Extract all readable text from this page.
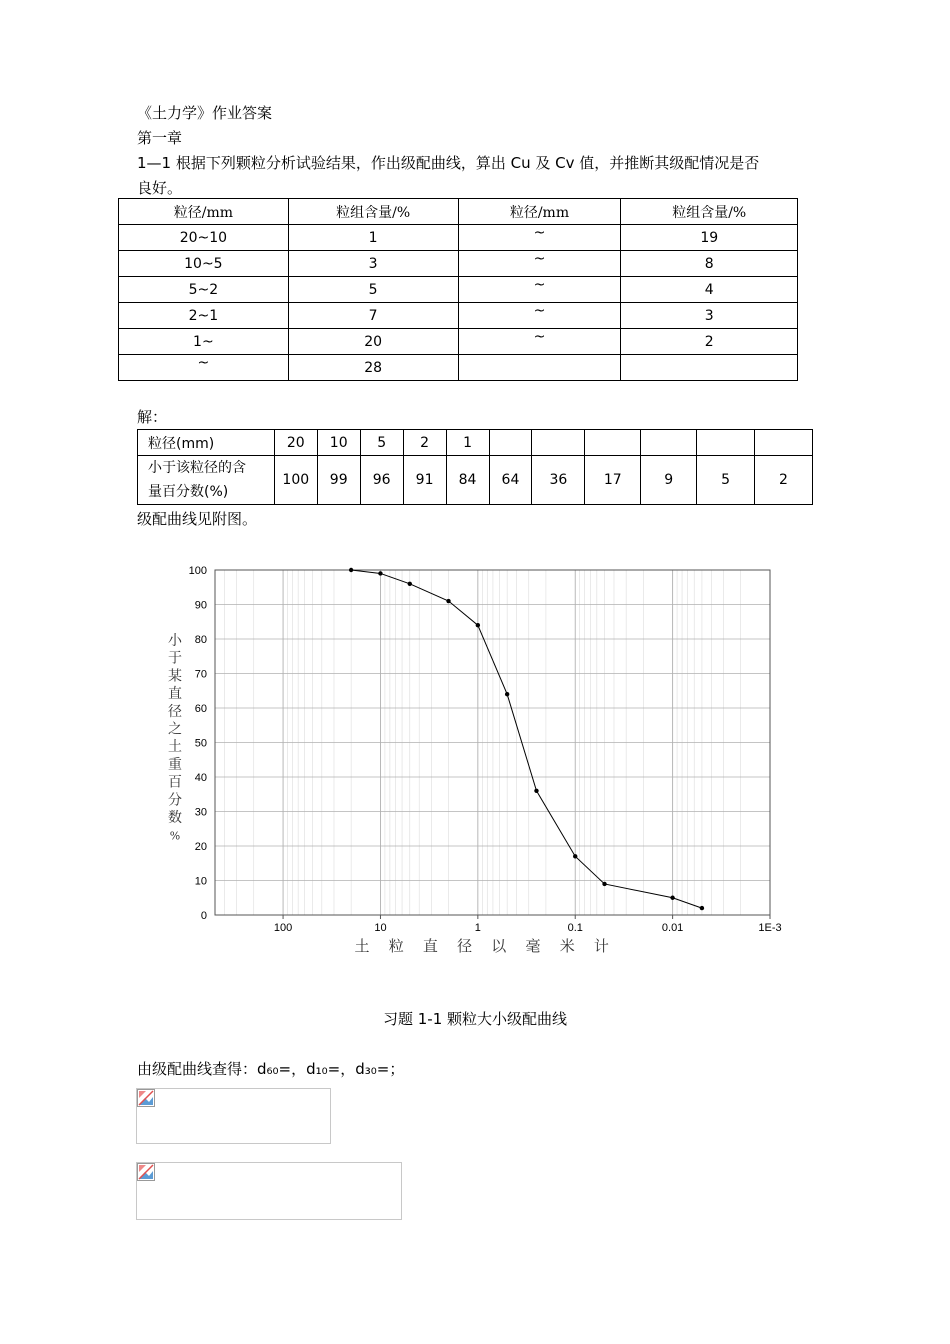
《土力学》作业答案
第一章
1—1 根据下列颗粒分析试验结果，作出级配曲线，算出 Cu 及 Cv 值，并推断其级配情况是否
良好。
粒径/mm	粒组含量/%	粒径/mm	粒组含量/%
20~10	1	~	19
10~5	3	~	8
5~2	5	~	4
2~1	7	~	3
1~	20	~	2
~	28		
解：
粒径(mm)	20	10	5	2	1						
小于该粒径的含
量百分数(%)	100	99	96	91	84	64	36	17	9	5	2
级配曲线见附图。
0
10
20
30
40
50
60
70
80
90
100
100	10	1	0.1	0.01	1E-3
小
于
某
直
径
之
土
重
百
分
数
%
土 粒 直 径 以 毫 米 计
习题 1-1 颗粒大小级配曲线
由级配曲线查得：d₆₀=，d₁₀=，d₃₀=；
